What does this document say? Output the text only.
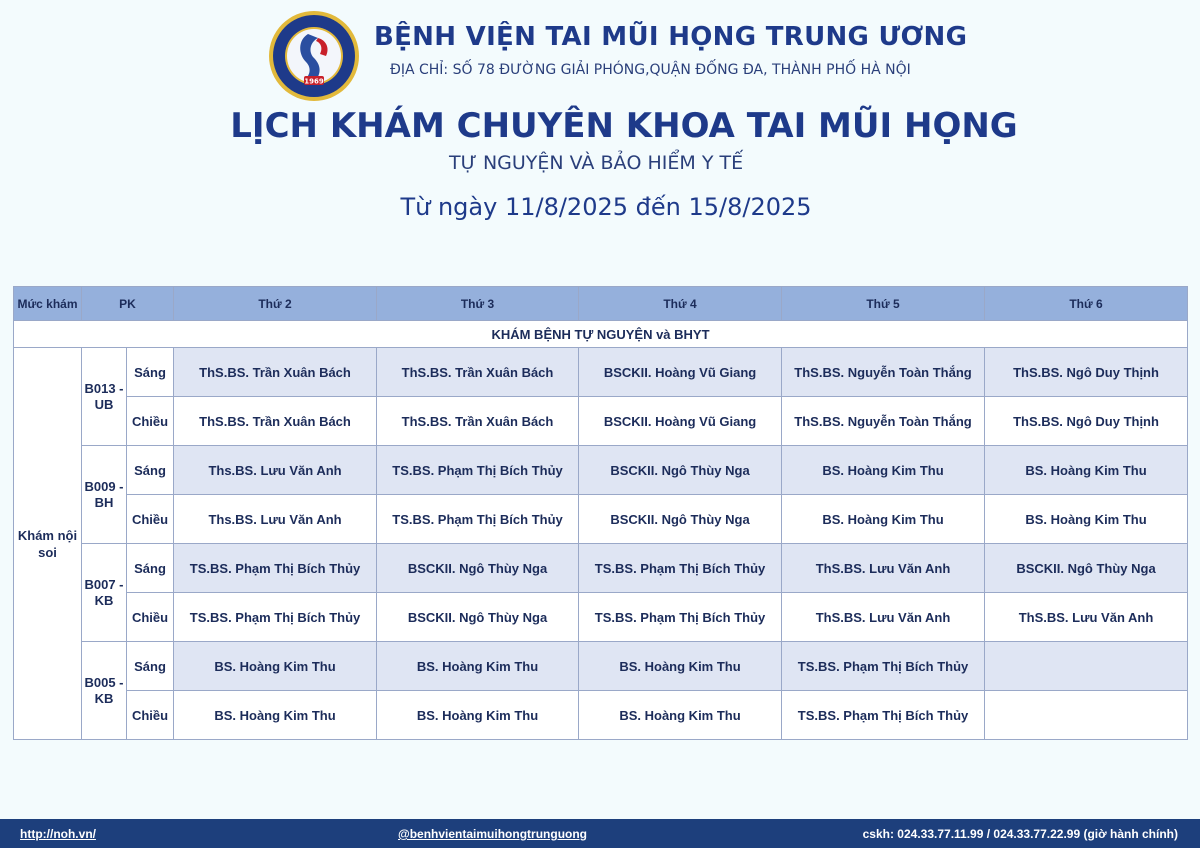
1969
BỆNH VIỆN TAI MŨI HỌNG TRUNG ƯƠNG
ĐỊA CHỈ: SỐ 78 ĐƯỜNG GIẢI PHÓNG,QUẬN ĐỐNG ĐA, THÀNH PHỐ HÀ NỘI
LỊCH KHÁM CHUYÊN KHOA TAI MŨI HỌNG
TỰ NGUYỆN VÀ BẢO HIỂM Y TẾ
Từ ngày 11/8/2025 đến 15/8/2025
Mức khám	PK		Thứ 2	Thứ 3	Thứ 4	Thứ 5	Thứ 6
KHÁM BỆNH TỰ NGUYỆN và BHYT							
Khám nội soi	B013 - UB	Sáng	ThS.BS. Trần Xuân Bách	ThS.BS. Trần Xuân Bách	BSCKII. Hoàng Vũ Giang	ThS.BS. Nguyễn Toàn Thắng	ThS.BS. Ngô Duy Thịnh
		Chiều	ThS.BS. Trần Xuân Bách	ThS.BS. Trần Xuân Bách	BSCKII. Hoàng Vũ Giang	ThS.BS. Nguyễn Toàn Thắng	ThS.BS. Ngô Duy Thịnh
	B009 - BH	Sáng	Ths.BS. Lưu Văn Anh	TS.BS. Phạm Thị Bích Thủy	BSCKII. Ngô Thùy Nga	BS. Hoàng Kim Thu	BS. Hoàng Kim Thu
		Chiều	Ths.BS. Lưu Văn Anh	TS.BS. Phạm Thị Bích Thủy	BSCKII. Ngô Thùy Nga	BS. Hoàng Kim Thu	BS. Hoàng Kim Thu
	B007 - KB	Sáng	TS.BS. Phạm Thị Bích Thủy	BSCKII. Ngô Thùy Nga	TS.BS. Phạm Thị Bích Thủy	ThS.BS. Lưu Văn Anh	BSCKII. Ngô Thùy Nga
		Chiều	TS.BS. Phạm Thị Bích Thủy	BSCKII. Ngô Thùy Nga	TS.BS. Phạm Thị Bích Thủy	ThS.BS. Lưu Văn Anh	ThS.BS. Lưu Văn Anh
	B005 - KB	Sáng	BS. Hoàng Kim Thu	BS. Hoàng Kim Thu	BS. Hoàng Kim Thu	TS.BS. Phạm Thị Bích Thủy	
		Chiều	BS. Hoàng Kim Thu	BS. Hoàng Kim Thu	BS. Hoàng Kim Thu	TS.BS. Phạm Thị Bích Thủy	
http://noh.vn/	@benhvientaimuihongtrunguong	cskh: 024.33.77.11.99 / 024.33.77.22.99 (giờ hành chính)
